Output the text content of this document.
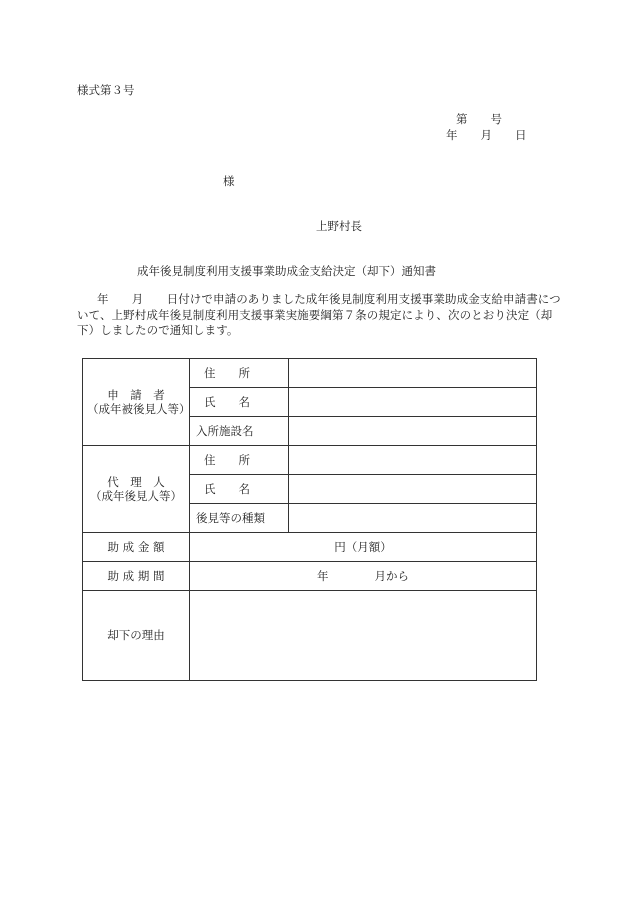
様式第３号
第　　号
年　　月　　日
様
上野村長
成年後見制度利用支援事業助成金支給決定（却下）通知書
年　　月　　日付けで申請のありました成年後見制度利用支援事業助成金支給申請書について、上野村成年後見制度利用支援事業実施要綱第７条の規定により、次のとおり決定（却下）しましたので通知します。
申　請　者
（成年被後見人等）	住　　所	
	氏　　名	
	入所施設名	

代　理　人
（成年後見人等）	住　　所	
	氏　　名	
	後見等の種類	
助 成 金 額	円（月額）	
助 成 期 間	年　　　　月から	
却下の理由		
